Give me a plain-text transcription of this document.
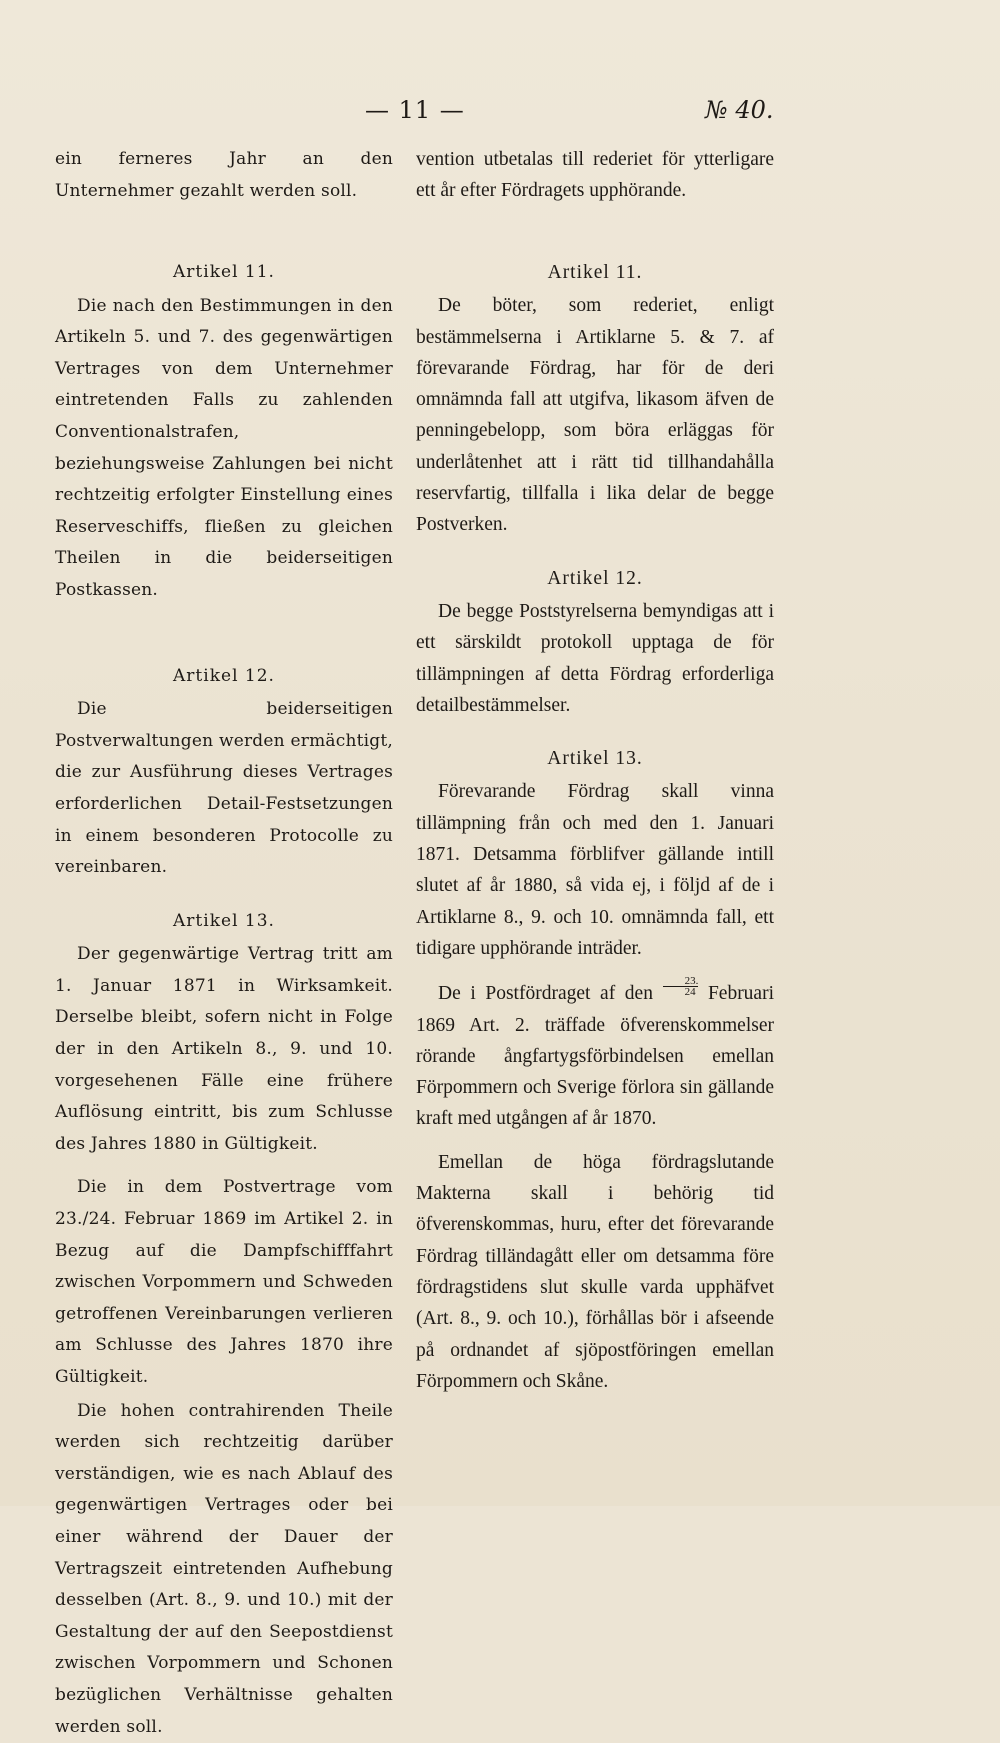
— 11 —	№ 40.

ein ferneres Jahr an den Unternehmer gezahlt werden soll.

Artikel 11.

Die nach den Bestimmungen in den Artikeln 5. und 7. des gegenwärtigen Vertrages von dem Unternehmer eintretenden Falls zu zahlenden Conventionalstrafen, beziehungsweise Zahlungen bei nicht rechtzeitig erfolgter Einstellung eines Reserveschiffs, fließen zu gleichen Theilen in die beiderseitigen Postkassen.

Artikel 12.

Die beiderseitigen Postverwaltungen werden ermächtigt, die zur Ausführung dieses Vertrages erforderlichen Detail-Festsetzungen in einem besonderen Protocolle zu vereinbaren.

Artikel 13.

Der gegenwärtige Vertrag tritt am 1. Januar 1871 in Wirksamkeit. Derselbe bleibt, sofern nicht in Folge der in den Artikeln 8., 9. und 10. vorgesehenen Fälle eine frühere Auflösung eintritt, bis zum Schlusse des Jahres 1880 in Gültigkeit.

Die in dem Postvertrage vom 23./24. Februar 1869 im Artikel 2. in Bezug auf die Dampfschifffahrt zwischen Vorpommern und Schweden getroffenen Vereinbarungen verlieren am Schlusse des Jahres 1870 ihre Gültigkeit.

Die hohen contrahirenden Theile werden sich rechtzeitig darüber verständigen, wie es nach Ablauf des gegenwärtigen Vertrages oder bei einer während der Dauer der Vertragszeit eintretenden Aufhebung desselben (Art. 8., 9. und 10.) mit der Gestaltung der auf den Seepostdienst zwischen Vorpommern und Schonen bezüglichen Verhältnisse gehalten werden soll.

vention utbetalas till rederiet för ytterligare ett år efter Fördragets upphörande.

Artikel 11.

De böter, som rederiet, enligt bestämmelserna i Artiklarne 5. & 7. af förevarande Fördrag, har för de deri omnämnda fall att utgifva, likasom äfven de penningebelopp, som böra erläggas för underlåtenhet att i rätt tid tillhandahålla reservfartig, tillfalla i lika delar de begge Postverken.

Artikel 12.

De begge Poststyrelserna bemyndigas att i ett särskildt protokoll upptaga de för tillämpningen af detta Fördrag erforderliga detailbestämmelser.

Artikel 13.

Förevarande Fördrag skall vinna tillämpning från och med den 1. Januari 1871. Detsamma förblifver gällande intill slutet af år 1880, så vida ej, i följd af de i Artiklarne 8., 9. och 10. omnämnda fall, ett tidigare upphörande inträder.

De i Postfördraget af den $\frac{23.}{24}$ Februari 1869 Art. 2. träffade öfverenskommelser rörande ångfartygsförbindelsen emellan Förpommern och Sverige förlora sin gällande kraft med utgången af år 1870.

Emellan de höga fördragslutande Makterna skall i behörig tid öfverenskommas, huru, efter det förevarande Fördrag tilländagått eller om detsamma före fördragstidens slut skulle varda upphäfvet (Art. 8., 9. och 10.), förhållas bör i afseende på ordnandet af sjöpostföringen emellan Förpommern och Skåne.
